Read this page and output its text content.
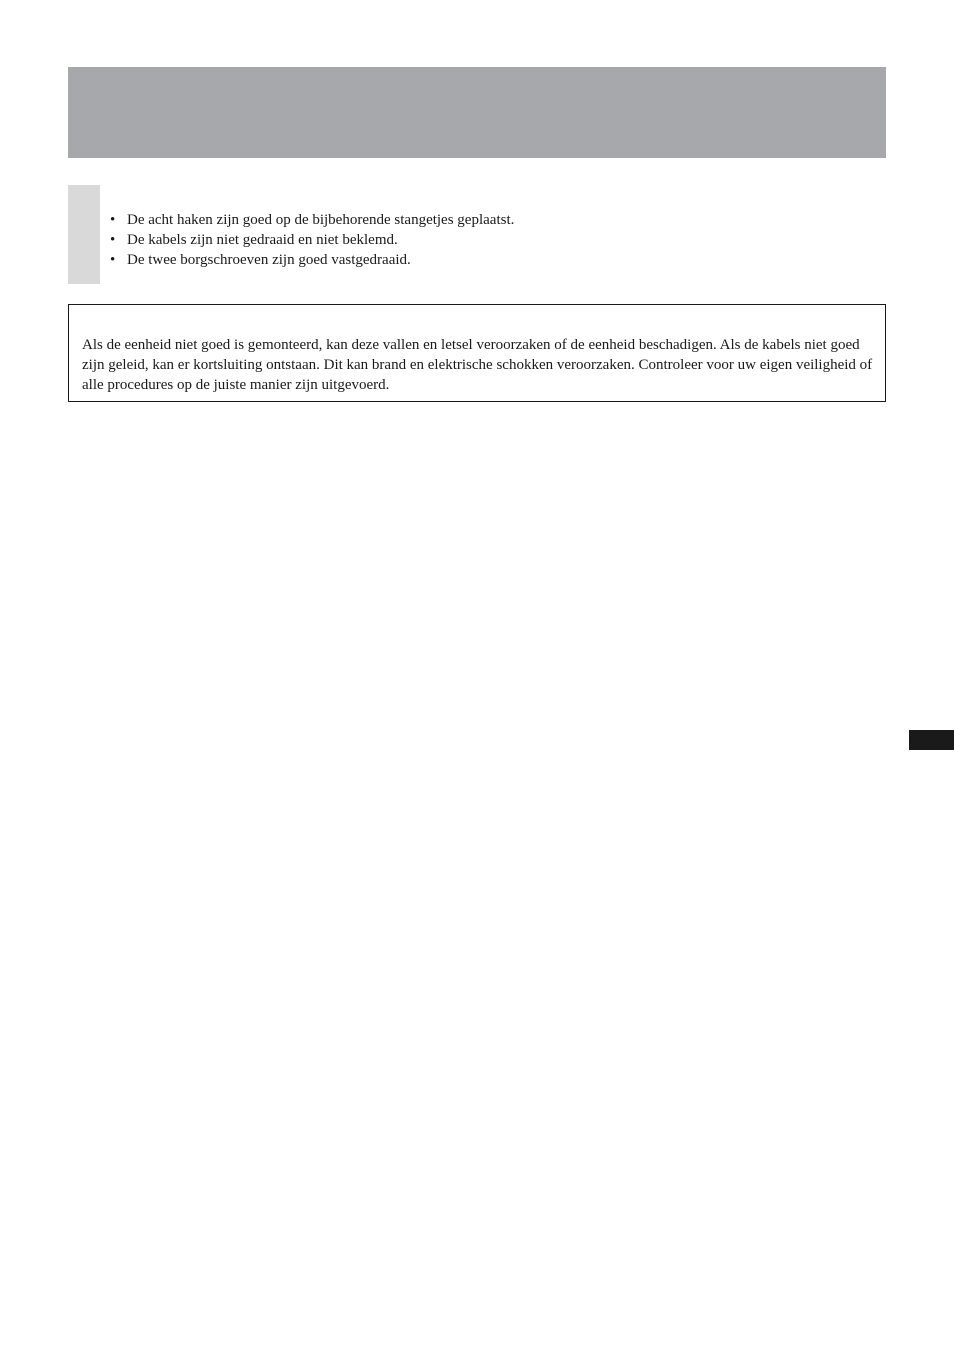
• De acht haken zijn goed op de bijbehorende stangetjes geplaatst.
• De kabels zijn niet gedraaid en niet beklemd.
• De twee borgschroeven zijn goed vastgedraaid.

Als de eenheid niet goed is gemonteerd, kan deze vallen en letsel veroorzaken of de eenheid beschadigen. Als de kabels niet goed zijn geleid, kan er kortsluiting ontstaan. Dit kan brand en elektrische schokken veroorzaken. Controleer voor uw eigen veiligheid of alle procedures op de juiste manier zijn uitgevoerd.
